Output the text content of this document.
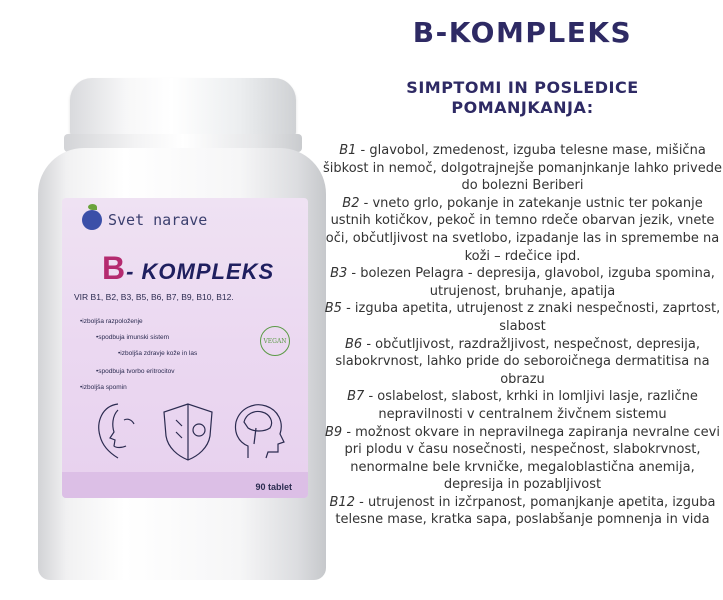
Svet narave
B- KOMPLEKS
VIR B1, B2, B3, B5, B6, B7, B9, B10, B12.
• izboljša razpoloženje
• spodbuja imunski sistem
• izboljša zdravje kože in las
• spodbuja tvorbo eritrocitov
• izboljša spomin
VEGAN
90 tablet
B-KOMPLEKS
SIMPTOMI IN POSLEDICE
POMANJKANJA:

B1 - glavobol, zmedenost, izguba telesne mase, mišična šibkost in nemoč, dolgotrajnejše pomanjnkanje lahko privede do bolezni Beriberi

B2 - vneto grlo, pokanje in zatekanje ustnic ter pokanje ustnih kotičkov, pekoč in temno rdeče obarvan jezik, vnete oči, občutljivost na svetlobo, izpadanje las in spremembe na koži – rdečice ipd.

B3 - bolezen Pelagra - depresija, glavobol, izguba spomina, utrujenost, bruhanje, apatija

B5 - izguba apetita, utrujenost z znaki nespečnosti, zaprtost, slabost

B6 - občutljivost, razdražljivost, nespečnost, depresija, slabokrvnost, lahko pride do seboroičnega dermatitisa na obrazu

B7 - oslabelost, slabost, krhki in lomljivi lasje, različne nepravilnosti v centralnem živčnem sistemu

B9 - možnost okvare in nepravilnega zapiranja nevralne cevi pri plodu v času nosečnosti, nespečnost, slabokrvnost, nenormalne bele krvničke, megaloblastična anemija, depresija in pozabljivost

B12 - utrujenost in izčrpanost, pomanjkanje apetita, izguba telesne mase, kratka sapa, poslabšanje pomnenja in vida
